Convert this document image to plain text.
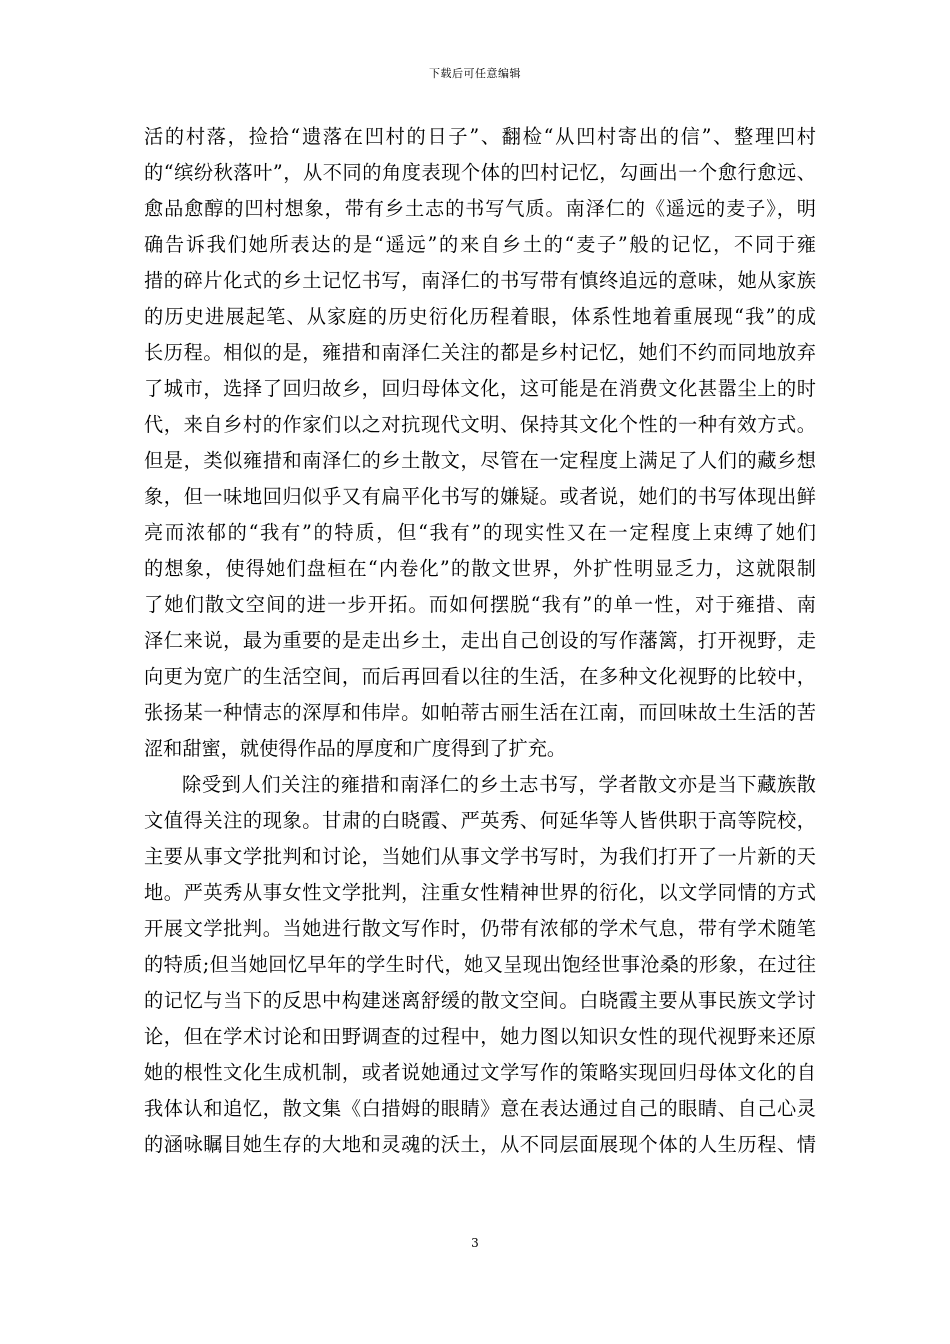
下载后可任意编辑
活的村落，捡拾“遗落在凹村的日子”、翻检“从凹村寄出的信”、整理凹村
的“缤纷秋落叶”，从不同的角度表现个体的凹村记忆，勾画出一个愈行愈远、
愈品愈醇的凹村想象，带有乡土志的书写气质。南泽仁的《遥远的麦子》，明
确告诉我们她所表达的是“遥远”的来自乡土的“麦子”般的记忆，不同于雍
措的碎片化式的乡土记忆书写，南泽仁的书写带有慎终追远的意味，她从家族
的历史进展起笔、从家庭的历史衍化历程着眼，体系性地着重展现“我”的成
长历程。相似的是，雍措和南泽仁关注的都是乡村记忆，她们不约而同地放弃
了城市，选择了回归故乡，回归母体文化，这可能是在消费文化甚嚣尘上的时
代，来自乡村的作家们以之对抗现代文明、保持其文化个性的一种有效方式。
但是，类似雍措和南泽仁的乡土散文，尽管在一定程度上满足了人们的藏乡想
象，但一味地回归似乎又有扁平化书写的嫌疑。或者说，她们的书写体现出鲜
亮而浓郁的“我有”的特质，但“我有”的现实性又在一定程度上束缚了她们
的想象，使得她们盘桓在“内卷化”的散文世界，外扩性明显乏力，这就限制
了她们散文空间的进一步开拓。而如何摆脱“我有”的单一性，对于雍措、南
泽仁来说，最为重要的是走出乡土，走出自己创设的写作藩篱，打开视野，走
向更为宽广的生活空间，而后再回看以往的生活，在多种文化视野的比较中，
张扬某一种情志的深厚和伟岸。如帕蒂古丽生活在江南，而回味故土生活的苦
涩和甜蜜，就使得作品的厚度和广度得到了扩充。
除受到人们关注的雍措和南泽仁的乡土志书写，学者散文亦是当下藏族散
文值得关注的现象。甘肃的白晓霞、严英秀、何延华等人皆供职于高等院校，
主要从事文学批判和讨论，当她们从事文学书写时，为我们打开了一片新的天
地。严英秀从事女性文学批判，注重女性精神世界的衍化，以文学同情的方式
开展文学批判。当她进行散文写作时，仍带有浓郁的学术气息，带有学术随笔
的特质;但当她回忆早年的学生时代，她又呈现出饱经世事沧桑的形象，在过往
的记忆与当下的反思中构建迷离舒缓的散文空间。白晓霞主要从事民族文学讨
论，但在学术讨论和田野调查的过程中，她力图以知识女性的现代视野来还原
她的根性文化生成机制，或者说她通过文学写作的策略实现回归母体文化的自
我体认和追忆，散文集《白措姆的眼睛》意在表达通过自己的眼睛、自己心灵
的涵咏瞩目她生存的大地和灵魂的沃土，从不同层面展现个体的人生历程、情
3
